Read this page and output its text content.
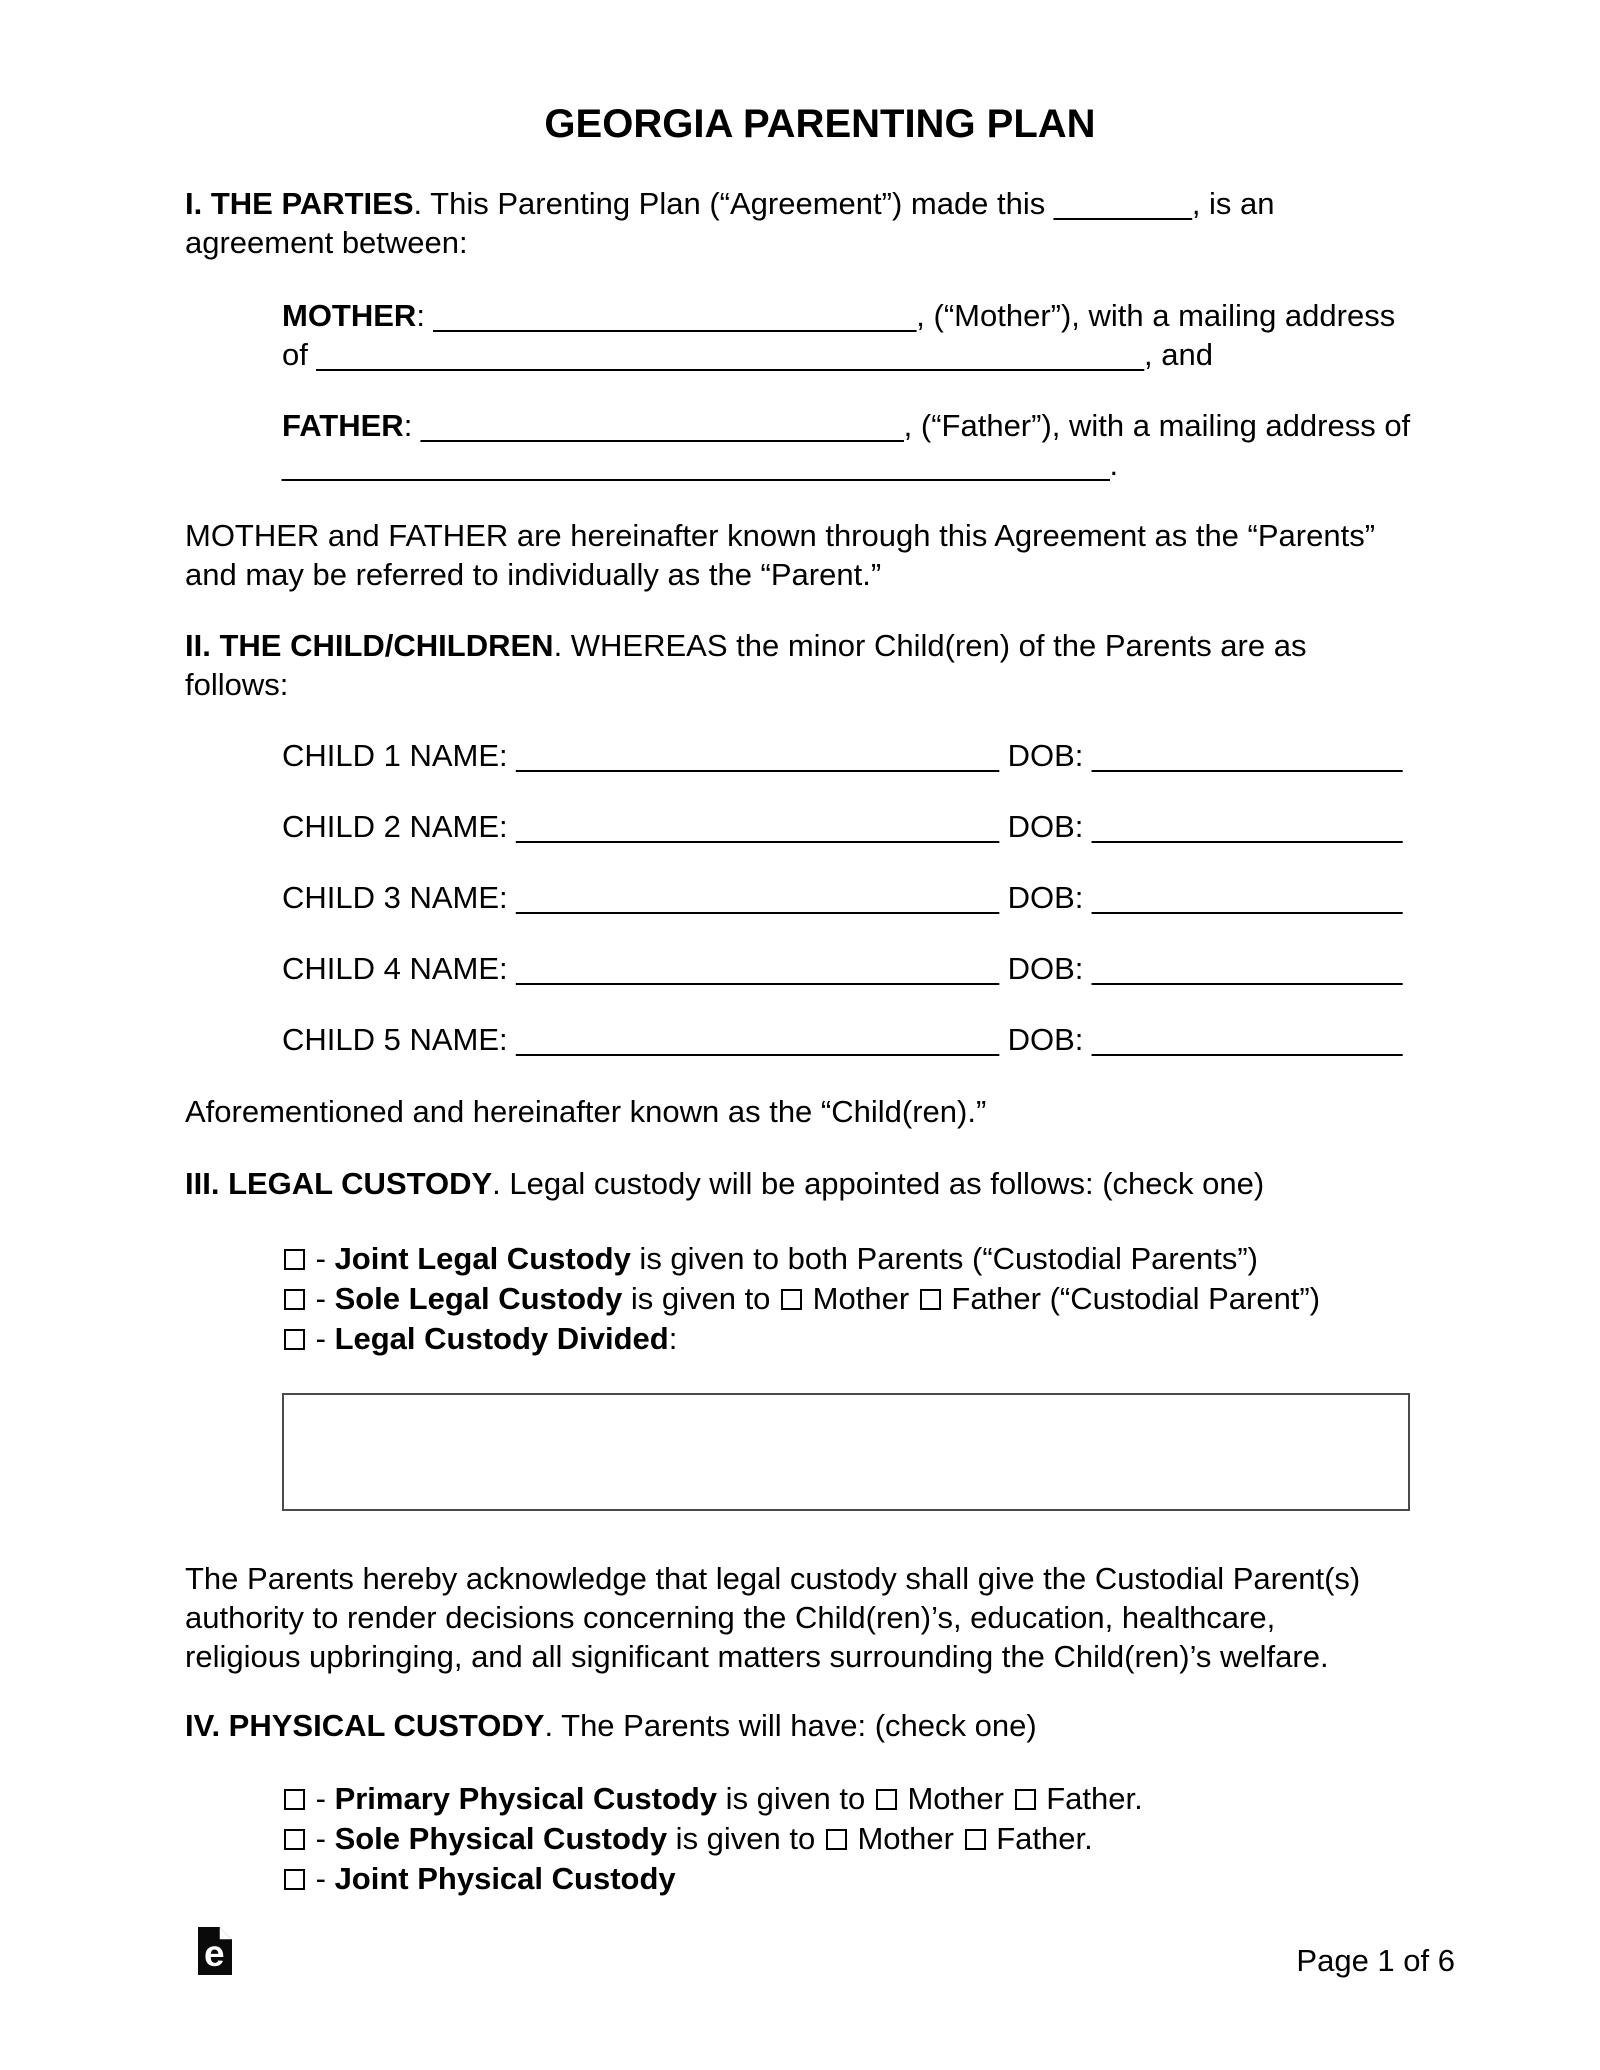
GEORGIA PARENTING PLAN
I. THE PARTIES. This Parenting Plan (“Agreement”) made this ________, is an
agreement between:
MOTHER: ____________________________, (“Mother”), with a mailing address
of ________________________________________________, and
FATHER: ____________________________, (“Father”), with a mailing address of
________________________________________________.
MOTHER and FATHER are hereinafter known through this Agreement as the “Parents”
and may be referred to individually as the “Parent.”
II. THE CHILD/CHILDREN. WHEREAS the minor Child(ren) of the Parents are as
follows:
CHILD 1 NAME: ____________________________ DOB: __________________
CHILD 2 NAME: ____________________________ DOB: __________________
CHILD 3 NAME: ____________________________ DOB: __________________
CHILD 4 NAME: ____________________________ DOB: __________________
CHILD 5 NAME: ____________________________ DOB: __________________
Aforementioned and hereinafter known as the “Child(ren).”
III. LEGAL CUSTODY. Legal custody will be appointed as follows: (check one)
- Joint Legal Custody is given to both Parents (“Custodial Parents”)
- Sole Legal Custody is given to  Mother  Father (“Custodial Parent”)
- Legal Custody Divided:
The Parents hereby acknowledge that legal custody shall give the Custodial Parent(s)
authority to render decisions concerning the Child(ren)’s, education, healthcare,
religious upbringing, and all significant matters surrounding the Child(ren)’s welfare.
IV. PHYSICAL CUSTODY. The Parents will have: (check one)
- Primary Physical Custody is given to  Mother  Father.
- Sole Physical Custody is given to  Mother  Father.
- Joint Physical Custody
e	Page 1 of 6
